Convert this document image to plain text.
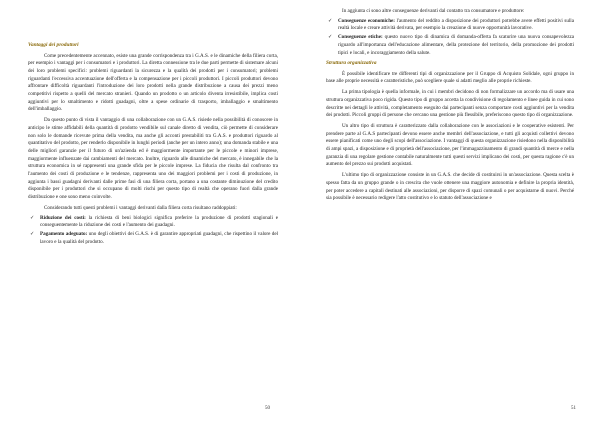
Vantaggi dei produttori

Come precedentemente accennato, esiste una grande corrispondenza tra i G.A.S. e le dinamiche della filiera corta, per esempio i vantaggi per i consumatori e i produttori. La diretta connessione tra le due parti permette di sistemare alcuni dei loro problemi specifici: problemi riguardanti la sicurezza e la qualità dei prodotti per i consumatori; problemi riguardanti l'eccessiva accentuazione dell'offerta e la compensazione per i piccoli produttori. I piccoli produttori devono affrontare difficoltà riguardanti l'introduzione dei loro prodotti nella grande distribuzione a causa dei prezzi meno competitivi rispetto a quelli del mercato stranieri. Quando un prodotto o un articolo diventa irresistibile, implica costi aggiuntivi per lo smaltimento e ridotti guadagni, oltre a spese ordinarie di trasporto, imballaggio e smaltimento dell'imballaggio.

Da questo punto di vista il vantaggio di una collaborazione con un G.A.S. risiede nella possibilità di conoscere in anticipo le stime affidabili della quantità di prodotto vendibile sul canale diretto di vendita, ciò permette di considerare non solo le domande ricevute prima della vendita, ma anche gli acconti prestabiliti tra G.A.S. e produttori riguardo al quantitativo del prodotto, per renderlo disponibile in lunghi periodi (anche per un intero anno); una domanda stabile e una delle migliori garanzie per il futuro di un'azienda ed è maggiormente importante per le piccole e minori imprese, maggiormente influenzate dai cambiamenti del mercato. Inoltre, riguardo alle dinamiche del mercato, è innegabile che la struttura economica in sé rappresenti una grande sfida per le piccole imprese. La fiducia che risulta dal confronto tra l'aumento dei costi di produzione e le tendenze, rappresenta uno dei maggiori problemi per i costi di produzione, in aggiunta i bassi guadagni derivanti dalle prime fasi di una filiera corta, portano a una costante diminuzione del credito disponibile per i produttori che si occupano di molti rischi per questo tipo di realtà che operano fuori dalla grande distribuzione e one sono meno coinvolte.

Considerando tutti questi problemi i vantaggi derivanti dalla filiera corta risultano raddoppiati:

✓ Riduzione dei costi: la richiesta di beni biologici significa preferire la produzione di prodotti stagionali e conseguentemente la riduzione dei costi e l'aumento dei guadagni.
✓ Pagamento adeguato: uno degli obiettivi dei G.A.S. è di garantire appropriati guadagni, che rispettino il valore del lavoro e la qualità del prodotto.
50

In aggiunta ci sono altre conseguenze derivanti dal contatto tra consumatore e produttore:

✓ Conseguenze economiche: l'aumento del reddito a disposizione dei produttori potrebbe avere effetti positivi sulla realtà locale e creare attività derivata, per esempio la creazione di nuove opportunità lavorative.
✓ Conseguenze etiche: questo nuovo tipo di dinamica di domanda-offerta fa scaturire una nuova consapevolezza riguardo all'importanza dell'educazione alimentare, della protezione del territorio, della promozione dei prodotti tipici e locali, e incoraggiamento della salute.
Struttura organizzativa

È possibile identificare tre differenti tipi di organizzazione per il Gruppo di Acquisto Solidale, ogni gruppo in base alle proprie necessità e caratteristiche, può scegliere quale si adatti meglio alle proprie richieste.

La prima tipologia è quella informale, in cui i membri decidono di non formalizzare un accordo ma di usare una struttura organizzativa poco rigida. Questo tipo di gruppo accetta la condivisione di regolamento e linee guida in cui sono descritte nei dettagli le attività, completamento eseguito dai partecipanti senza comportare costi aggiuntivi per la vendita dei prodotti. Piccoli gruppi di persone che cercano una gestione più flessibile, preferiscono questo tipo di organizzazione.

Un altro tipo di struttura è caratterizzato dalla collaborazione con le associazioni e le cooperative esistenti. Per prendere parte al G.A.S partecipanti devono essere anche membri dell'associazione, e tutti gli acquisti collettivi devono essere pianificati come uno degli scopi dell'associazione. I vantaggi di questa organizzazione risiedono nella disponibilità di ampi spazi, a disposizione e di proprietà dell'associazione, per l'immagazzinamento di grandi quantità di merce e nella garanzia di una regolare gestione contabile naturalmente tutti questi servizi implicano dei costi, per questa ragione c'è un aumento del prezzo sui prodotti acquistati.

L'ultimo tipo di organizzazione consiste in un G.A.S. che decide di costituirsi in un'associazione. Questa scelta è spesso fatta da un gruppo grande o in crescita che vuole ottenere una maggiore autonomia e definire la propria identità, per poter accedere a capitali destinati alle associazioni, per disporre di spazi comunali o per acquistarne di nuovi. Perché sia possibile è necessario redigere l'atto costitutivo e lo statuto dell'associazione e

51
